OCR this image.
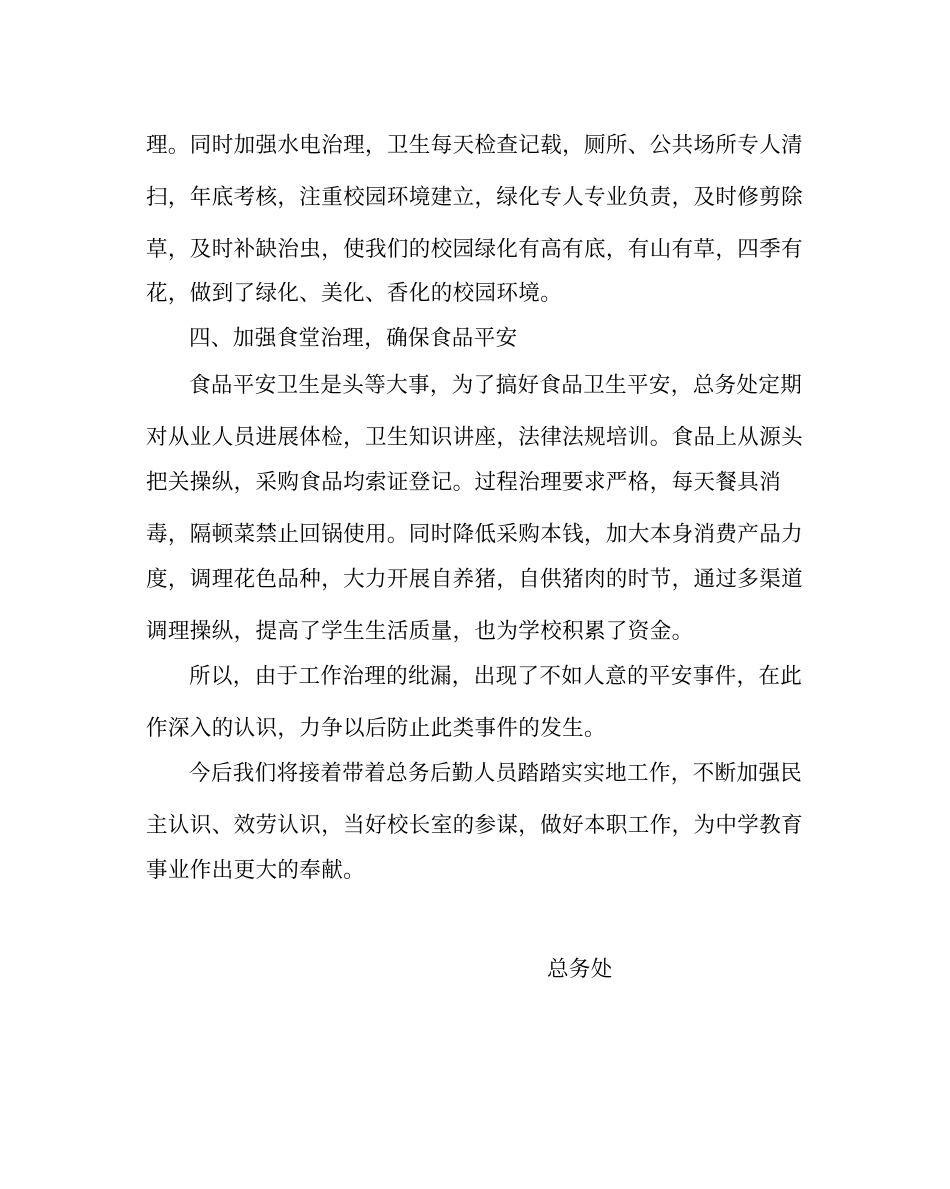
理。同时加强水电治理，卫生每天检查记载，厕所、公共场所专人清
扫，年底考核，注重校园环境建立，绿化专人专业负责，及时修剪除
草，及时补缺治虫，使我们的校园绿化有高有底，有山有草，四季有
花，做到了绿化、美化、香化的校园环境。
四、加强食堂治理，确保食品平安
食品平安卫生是头等大事，为了搞好食品卫生平安，总务处定期
对从业人员进展体检，卫生知识讲座，法律法规培训。食品上从源头
把关操纵，采购食品均索证登记。过程治理要求严格，每天餐具消
毒，隔顿菜禁止回锅使用。同时降低采购本钱，加大本身消费产品力
度，调理花色品种，大力开展自养猪，自供猪肉的时节，通过多渠道
调理操纵，提高了学生生活质量，也为学校积累了资金。
所以，由于工作治理的纰漏，出现了不如人意的平安事件，在此
作深入的认识，力争以后防止此类事件的发生。
今后我们将接着带着总务后勤人员踏踏实实地工作，不断加强民
主认识、效劳认识，当好校长室的参谋，做好本职工作，为中学教育
事业作出更大的奉献。
总务处
